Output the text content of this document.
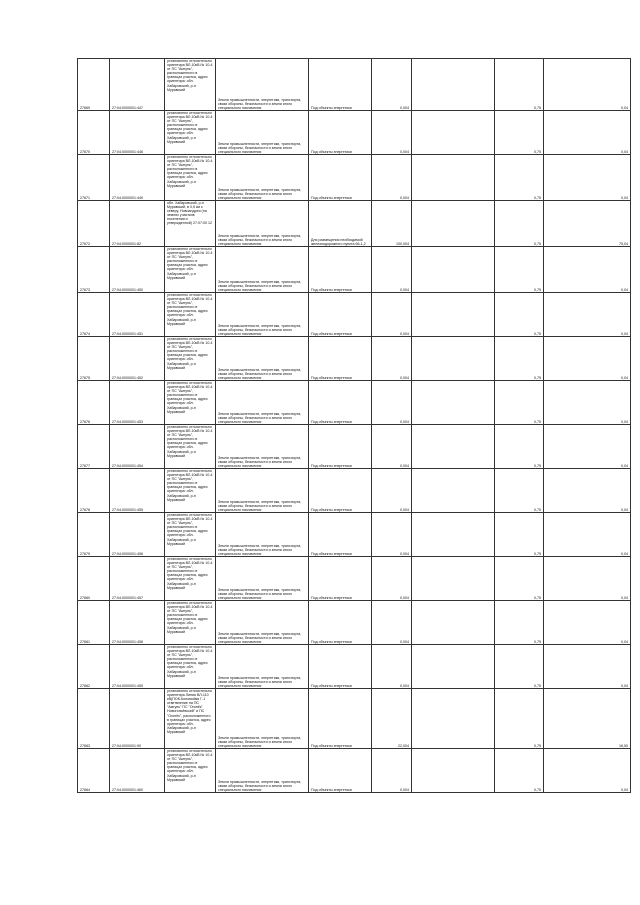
27669	27:04:0000001:447	установлено относительно ориентира ВЛ-10кВ № 10-4 от ПС "Амгунь", расположенного в границах участка, адрес ориентира: обл. Хабаровский, р-н Муравский	Земли промышленности, энергетики, транспорта, связи обороны, безопасности и земли иного специального назначения	Под объекты энергетики	0,004		0,75	0,04
27670	27:04:0000001:446	установлено относительно ориентира ВЛ-10кВ № 10-4 от ПС "Амгунь", расположенного в границах участка, адрес ориентира: обл. Хабаровский, р-н Муравский	Земли промышленности, энергетики, транспорта, связи обороны, безопасности и земли иного специального назначения	Под объекты энергетики	0,004		0,75	0,04
27671	27:04:0000001:449	установлено относительно ориентира ВЛ-10кВ № 10-4 от ПС "Амгунь", расположенного в границах участка, адрес ориентира: обл. Хабаровский, р-н Муравский	Земли промышленности, энергетики, транспорта, связи обороны, безопасности и земли иного специального назначения	Под объекты энергетики	0,004		0,75	0,04
27672	27:04:0000001:82	обл. Хабаровский, р-н Муравский, в 0,5 км к северу, Новоандрея (на землях участков поселения и утвержденной) 27:07:00 12	Земли промышленности, энергетики, транспорта, связи обороны, безопасности и земли иного специального назначения	Для размещения необходимой железнодорожного пункта 66-1,2	100,004		0,75	75,04
27673	27:04:0000001:450	установлено относительно ориентира ВЛ-10кВ № 10-4 от ПС "Амгунь", расположенного в границах участка, адрес ориентира: обл. Хабаровский, р-н Муравский	Земли промышленности, энергетики, транспорта, связи обороны, безопасности и земли иного специального назначения	Под объекты энергетики	0,004		0,75	0,04
27674	27:04:0000001:451	установлено относительно ориентира ВЛ-10кВ № 10-4 от ПС "Амгунь", расположенного в границах участка, адрес ориентира: обл. Хабаровский, р-н Муравский	Земли промышленности, энергетики, транспорта, связи обороны, безопасности и земли иного специального назначения	Под объекты энергетики	0,004		0,75	0,04
27675	27:04:0000001:452	установлено относительно ориентира ВЛ-10кВ № 10-4 от ПС "Амгунь", расположенного в границах участка, адрес ориентира: обл. Хабаровский, р-н Муравский	Земли промышленности, энергетики, транспорта, связи обороны, безопасности и земли иного специального назначения	Под объекты энергетики	0,004		0,75	0,04
27676	27:04:0000001:453	установлено относительно ориентира ВЛ-10кВ № 10-4 от ПС "Амгунь", расположенного в границах участка, адрес ориентира: обл. Хабаровский, р-н Муравский	Земли промышленности, энергетики, транспорта, связи обороны, безопасности и земли иного специального назначения	Под объекты энергетики	0,004		0,75	0,04
27677	27:04:0000001:454	установлено относительно ориентира ВЛ-10кВ № 10-4 от ПС "Амгунь", расположенного в границах участка, адрес ориентира: обл. Хабаровский, р-н Муравский	Земли промышленности, энергетики, транспорта, связи обороны, безопасности и земли иного специального назначения	Под объекты энергетики	0,004		0,75	0,04
27678	27:04:0000001:455	установлено относительно ориентира ВЛ-10кВ № 10-4 от ПС "Амгунь", расположенного в границах участка, адрес ориентира: обл. Хабаровский, р-н Муравский	Земли промышленности, энергетики, транспорта, связи обороны, безопасности и земли иного специального назначения	Под объекты энергетики	0,004		0,75	0,04
27679	27:04:0000001:456	установлено относительно ориентира ВЛ-10кВ № 10-4 от ПС "Амгунь", расположенного в границах участка, адрес ориентира: обл. Хабаровский, р-н Муравский	Земли промышленности, энергетики, транспорта, связи обороны, безопасности и земли иного специального назначения	Под объекты энергетики	0,004		0,75	0,04
27680	27:04:0000001:457	установлено относительно ориентира ВЛ-10кВ № 10-4 от ПС "Амгунь", расположенного в границах участка, адрес ориентира: обл. Хабаровский, р-н Муравский	Земли промышленности, энергетики, транспорта, связи обороны, безопасности и земли иного специального назначения	Под объекты энергетики	0,004		0,75	0,04
27681	27:04:0000001:458	установлено относительно ориентира ВЛ-10кВ № 10-4 от ПС "Амгунь", расположенного в границах участка, адрес ориентира: обл. Хабаровский, р-н Муравский	Земли промышленности, энергетики, транспорта, связи обороны, безопасности и земли иного специального назначения	Под объекты энергетики	0,004		0,75	0,04
27682	27:04:0000001:459	установлено относительно ориентира ВЛ-10кВ № 10-4 от ПС "Амгунь", расположенного в границах участка, адрес ориентира: обл. Хабаровский, р-н Муравский	Земли промышленности, энергетики, транспорта, связи обороны, безопасности и земли иного специального назначения	Под объекты энергетики	0,004		0,75	0,04
27683	27:04:0000001:90	установлено относительно ориентира Линия ВЛ-110 кВ(ГЮК-Коломойки Г-1 ответвление на ПС "Амгунь" ПС "Огонёк" Новогоньёвский" и ПС "Огонёк", расположенного в границах участка, адрес ориентира: обл. Хабаровский, р-н Муравский	Земли промышленности, энергетики, транспорта, связи обороны, безопасности и земли иного специального назначения	Под объекты энергетики	22,004		0,75	16,50
27684	27:04:0000001:460	установлено относительно ориентира ВЛ-10кВ № 10-4 от ПС "Амгунь", расположенного в границах участка, адрес ориентира: обл. Хабаровский, р-н Муравский	Земли промышленности, энергетики, транспорта, связи обороны, безопасности и земли иного специального назначения	Под объекты энергетики	0,004		0,75	0,04
